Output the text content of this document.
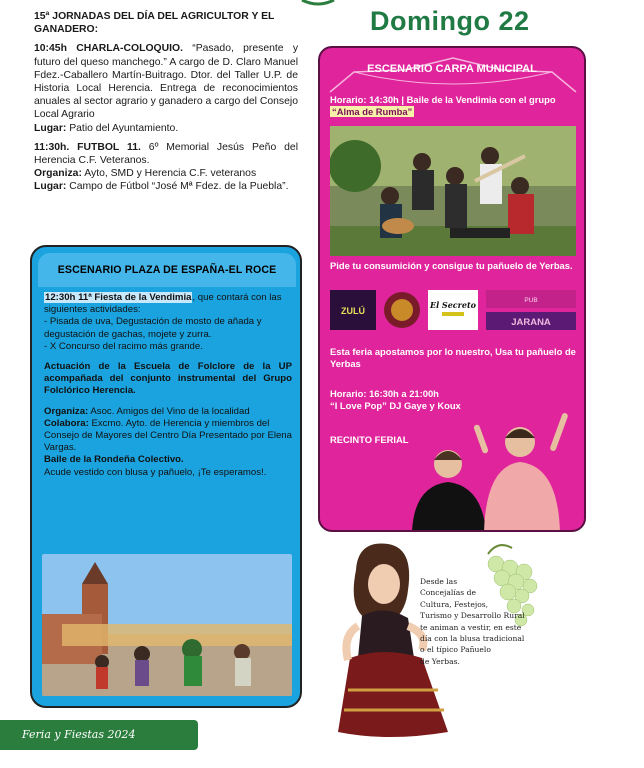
15ª JORNADAS DEL DÍA DEL AGRICULTOR Y EL GANADERO:

10:45h CHARLA-COLOQUIO. “Pasado, presente y futuro del queso manchego.” A cargo de D. Claro Manuel Fdez.-Caballero Martín-Buitrago. Dtor. del Taller U.P. de Historia Local Herencia. Entrega de reconocimientos anuales al sector agrario y ganadero a cargo del Consejo Local Agrario
Lugar: Patio del Ayuntamiento.

11:30h. FUTBOL 11. 6º Memorial Jesús Peño del Herencia C.F. Veteranos.
Organiza: Ayto, SMD y Herencia C.F. veteranos
Lugar: Campo de Fútbol “José Mª Fdez. de la Puebla”.

ESCENARIO PLAZA DE ESPAÑA-EL ROCE

12:30h 11ª Fiesta de la Vendimia, que contará con las siguientes actividades:
- Pisada de uva, Degustación de mosto de añada y degustación de gachas, mojete y zurra.
- X Concurso del racimo más grande.

Actuación de la Escuela de Folclore de la UP acompañada del conjunto instrumental del Grupo Folclórico Herencia.

Organiza: Asoc. Amigos del Vino de la localidad
Colabora: Excmo. Ayto. de Herencia y miembros del Consejo de Mayores del Centro Día Presentado por Elena Vargas.
Baile de la Rondeña Colectivo.
Acude vestido con blusa y pañuelo, ¡Te esperamos!.

Domingo 22
ESCENARIO CARPA MUNICIPAL
Horario: 14:30h | Baile de la Vendimia con el grupo “Alma de Rumba”
Pide tu consumición y consigue tu pañuelo de Yerbas.
ZULÚ
El Secreto	PUB
JARANA
Esta feria apostamos por lo nuestro, Usa tu pañuelo de Yerbas
Horario: 16:30h a 21:00h
“I Love Pop” DJ Gaye y Koux
RECINTO FERIAL
Desde las
Concejalías de
Cultura, Festejos,
Turismo y Desarrollo Rural
te animan a vestir, en este
día con la blusa tradicional
o el típico Pañuelo
de Yerbas.
Feria y Fiestas 2024
